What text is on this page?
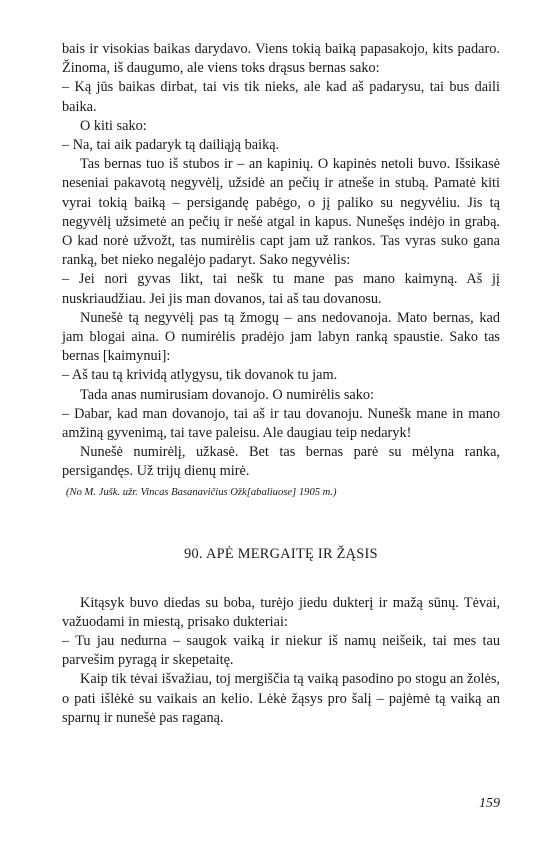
bais ir visokias baikas darydavo. Viens tokią baiką papasakojo, kits padaro. Žinoma, iš daugumo, ale viens toks drąsus bernas sako:

– Ką jūs baikas dirbat, tai vis tik nieks, ale kad aš padarysu, tai bus daili baika.

O kiti sako:

– Na, tai aik padaryk tą dailiąją baiką.

Tas bernas tuo iš stubos ir – an kapinių. O kapinės netoli buvo. Išsikasė neseniai pakavotą negyvėlį, užsidė an pečių ir atneše in stubą. Pamatė kiti vyrai tokią baiką – persigandę pabėgo, o jį paliko su negyvėliu. Jis tą negyvėlį užsimetė an pečių ir nešė atgal in kapus. Nunešęs indėjo in grabą. O kad norė užvožt, tas numirėlis capt jam už rankos. Tas vyras suko gana ranką, bet nieko negalėjo padaryt. Sako negyvėlis:

– Jei nori gyvas likt, tai nešk tu mane pas mano kaimyną. Aš jį nuskriaudžiau. Jei jis man dovanos, tai aš tau dovanosu.

Nunešė tą negyvėlį pas tą žmogų – ans nedovanoja. Mato bernas, kad jam blogai aina. O numirėlis pradėjo jam labyn ranką spaustie. Sako tas bernas [kaimynui]:

– Aš tau tą krividą atlygysu, tik dovanok tu jam.

Tada anas numirusiam dovanojo. O numirėlis sako:

– Dabar, kad man dovanojo, tai aš ir tau dovanoju. Nunešk mane in mano amžiną gyvenimą, tai tave paleisu. Ale daugiau teip nedaryk!

Nunešė numirėlį, užkasė. Bet tas bernas parė su mėlyna ranka, persigandęs. Už trijų dienų mirė.

(No M. Jušk. užr. Vincas Basanavičius Ožk[abaliuose] 1905 m.)
90. APĖ MERGAITĘ IR ŽĄSIS

Kitąsyk buvo diedas su boba, turėjo jiedu dukterį ir mažą sūnų. Tėvai, važuodami in miestą, prisako dukteriai:

– Tu jau nedurna – saugok vaiką ir niekur iš namų neišeik, tai mes tau parvešim pyragą ir skepetaitę.

Kaip tik tėvai išvažiau, toj mergiščia tą vaiką pasodino po stogu an žolės, o pati išlėkė su vaikais an kelio. Lėkė žąsys pro šalį – pajėmė tą vaiką an sparnų ir nunešė pas raganą.

159
